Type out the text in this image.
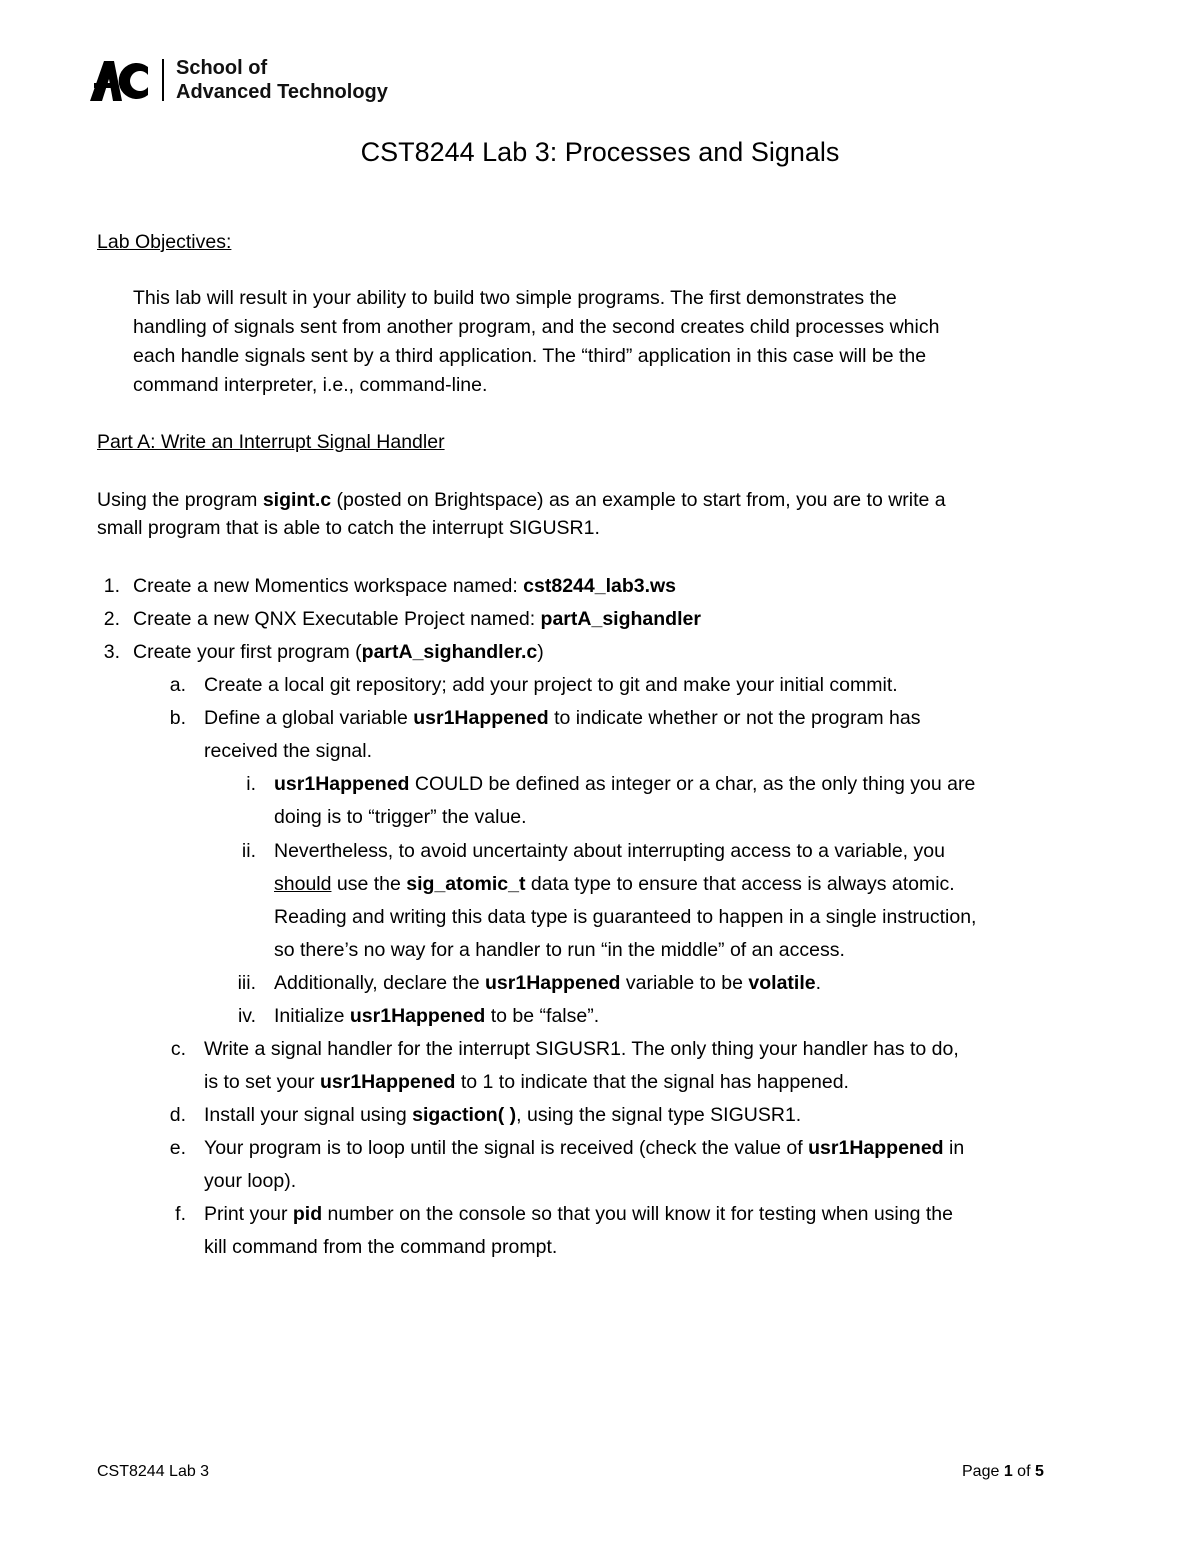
School of
Advanced Technology
CST8244 Lab 3: Processes and Signals
Lab Objectives:
This lab will result in your ability to build two simple programs. The first demonstrates the
handling of signals sent from another program, and the second creates child processes which
each handle signals sent by a third application. The “third” application in this case will be the
command interpreter, i.e., command-line.
Part A: Write an Interrupt Signal Handler
Using the program sigint.c (posted on Brightspace) as an example to start from, you are to write a
small program that is able to catch the interrupt SIGUSR1.
1. Create a new Momentics workspace named: cst8244_lab3.ws
2. Create a new QNX Executable Project named: partA_sighandler
3. Create your first program (partA_sighandler.c)
a. Create a local git repository; add your project to git and make your initial commit.
b. Define a global variable usr1Happened to indicate whether or not the program has
received the signal.
i. usr1Happened COULD be defined as integer or a char, as the only thing you are
doing is to “trigger” the value.
ii. Nevertheless, to avoid uncertainty about interrupting access to a variable, you
should use the sig_atomic_t data type to ensure that access is always atomic.
Reading and writing this data type is guaranteed to happen in a single instruction,
so there’s no way for a handler to run “in the middle” of an access.
iii. Additionally, declare the usr1Happened variable to be volatile.
iv. Initialize usr1Happened to be “false”.
c. Write a signal handler for the interrupt SIGUSR1. The only thing your handler has to do,
is to set your usr1Happened to 1 to indicate that the signal has happened.
d. Install your signal using sigaction( ), using the signal type SIGUSR1.
e. Your program is to loop until the signal is received (check the value of usr1Happened in
your loop).
f. Print your pid number on the console so that you will know it for testing when using the
kill command from the command prompt.
CST8244 Lab 3	Page 1 of 5
